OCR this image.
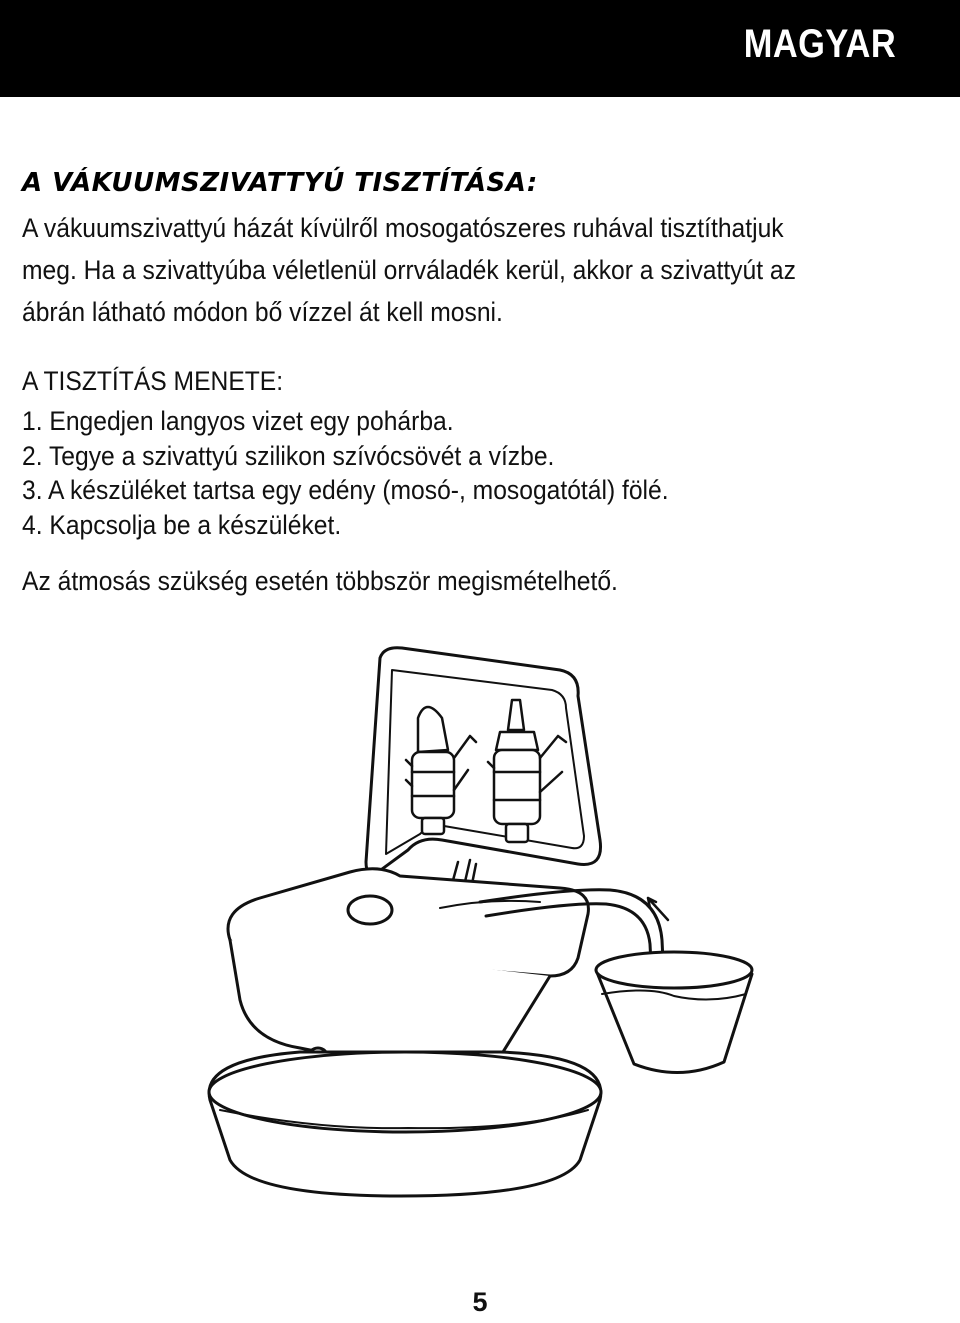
MAGYAR
A VÁKUUMSZIVATTYÚ TISZTÍTÁSA:

A vákuumszivattyú házát kívülről mosogatószeres ruhával tisztíthatjuk
meg. Ha a szivattyúba véletlenül orrváladék kerül, akkor a szivattyút az
ábrán látható módon bő vízzel át kell mosni.

A TISZTÍTÁS MENETE:
1. Engedjen langyos vizet egy pohárba.
2. Tegye a szivattyú szilikon szívócsövét a vízbe.
3. A készüléket tartsa egy edény (mosó-, mosogatótál) fölé.
4. Kapcsolja be a készüléket.

Az átmosás szükség esetén többször megismételhető.

5
